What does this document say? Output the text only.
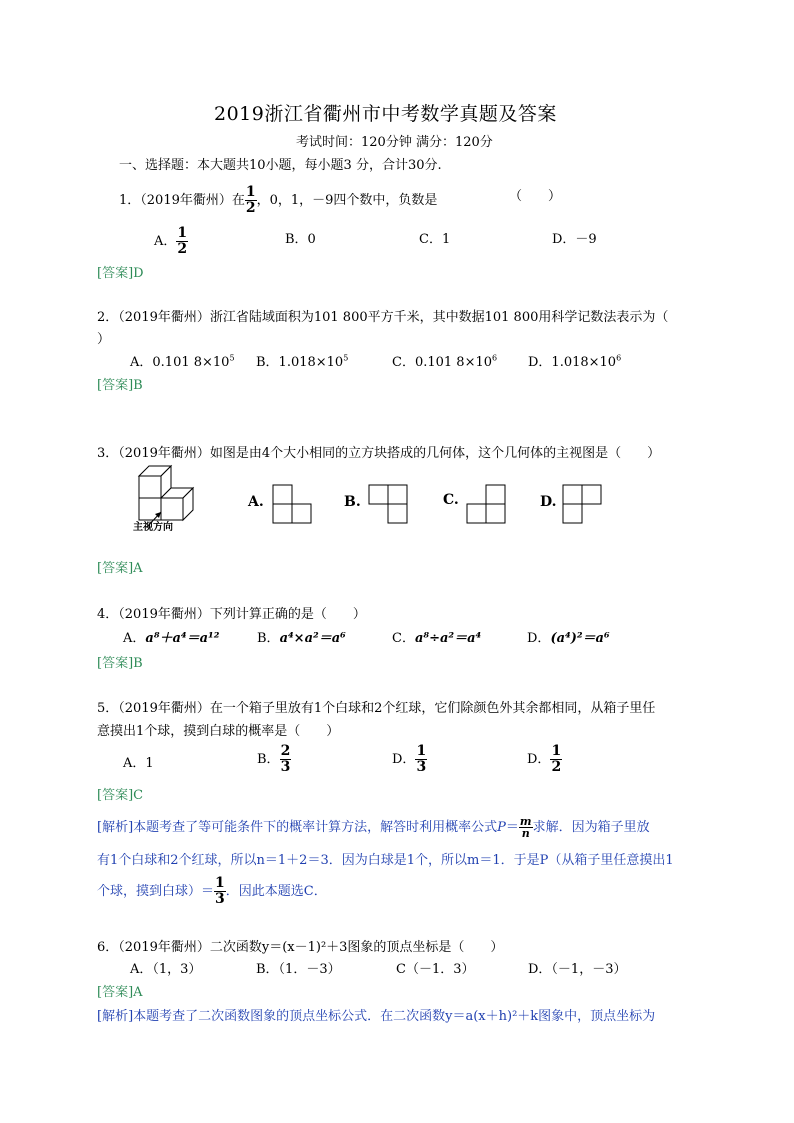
2019浙江省衢州市中考数学真题及答案
考试时间：120分钟 满分：120分
一、选择题：本大题共10小题，每小题3 分，合计30分.
1．（2019年衢州）在 $\frac{1}{2}$ ，0，1，－9四个数中，负数是	（　　）
A． $\frac{1}{2}$	B．0	C．1	D．－9
[答案]D
2．（2019年衢州）浙江省陆域面积为101 800平方千米，其中数据101 800用科学记数法表示为（
）
A．0.101 $8\times 10^5$ B．$1.018\times 10^5$	C．0.101 $8\times 10^6$ D．$1.018\times 10^6$
[答案]B
3．（2019年衢州）如图是由4个大小相同的立方块搭成的几何体，这个几何体的主视图是（　　）
主视方向
A.	B.	C.	D.
[答案]A
4．（2019年衢州）下列计算正确的是（　　）
A．a⁸＋a⁴＝a¹²	B．a⁴×a²＝a⁶	C．a⁸÷a²＝a⁴	D．(a⁴)²＝a⁶
[答案]B
5．（2019年衢州）在一个箱子里放有1个白球和2个红球，它们除颜色外其余都相同，从箱子里任
意摸出1个球，摸到白球的概率是（　　）
A．1	B． $\frac{2}{3}$	D． $\frac{1}{3}$	D． $\frac{1}{2}$
[答案]C
[解析]本题考查了等可能条件下的概率计算方法，解答时利用概率公式$P= \frac{m}{n}$ 求解．因为箱子里放
有1个白球和2个红球，所以n＝1＋2＝3．因为白球是1个，所以m＝1．于是P（从箱子里任意摸出1
个球，摸到白球）＝ $\frac{1}{3}$ ．因此本题选C．
6．（2019年衢州）二次函数y＝(x－1)²＋3图象的顶点坐标是（　　）
A．（1，3）	B．（1．－3）	C（－1．3）	D．（－1，－3）
[答案]A
[解析]本题考查了二次函数图象的顶点坐标公式．在二次函数y＝a(x＋h)²＋k图象中，顶点坐标为
